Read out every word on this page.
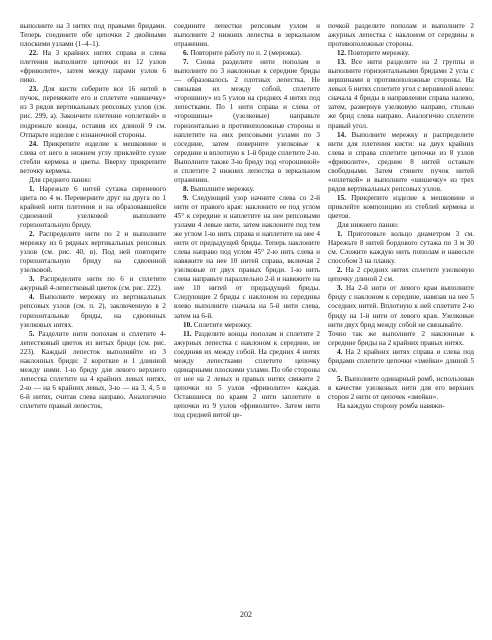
выполните на 3 нитях под правыми бридами. Теперь соедините обе цепочки 2 двойными плоскими узлами (1–4–1).

22. На 3 крайних нитях справа и слева плетения выполните цепочки из 12 узлов «фриволите», затем между парами узлов 6 пико.

23. Для кисти соберите все 16 нитей в пучок, перевяжите его и сплетите «шишечку» из 3 рядов вертикальных репсовых узлов (см. рис. 299, а). Закончите плетение «оплеткой» и подрежьте концы, оставив их длиной 9 см. Отпарьте изделие с изнаночной стороны.

24. Прикрепите изделие к мешковине и слева от него в нижнем углу приклейте сухие стебли кермека и цветы. Вверху прикрепите веточку кермека.

Для среднего панно:

1. Нарежьте 6 нитей сутажа сиреневого цвета по 4 м. Переверните друг на друга по 1 крайней нити плетения и на образовавшейся сдвоенной узелковой выполните горизонтальную бриду.

2. Распределите нити по 2 и выполните мережку из 6 рядных вертикальных репсовых узлов (см. рис. 40, в). Под ней повторите горизонтальную бриду на сдвоенной узелковой.

3. Распределите нити по 6 и сплетите ажурный 4-лепестковый цветок (см. рис. 222).

4. Выполните мережку из вертикальных репсовых узлов (см. п. 2), заключенную в 2 горизонтальные бриды, на сдвоенных узелковых нитях.

5. Разделите нити пополам и сплетите 4-лепестковый цветок из витых бриди (см. рис. 223). Каждый лепесток выполняйте из 3 наклонных бриди: 2 короткие и 1 длинной между ними. 1-ю бриду для левого верхнего лепестка сплетите на 4 крайних левых нитях, 2-ю — на 6 крайних левых, 3-ю — на 3, 4, 5 и 6-й нитях, считая слева направо. Аналогично сплетите правый лепесток,

соедините лепестки репсовым узлом и выполните 2 нижних лепестка в зеркальном отражении.

6. Повторите работу по п. 2 (мережка).

7. Снова разделите нити пополам и выполните по 3 наклонные к середине бриды — образовалось 2 плотных лепестка. Не связывая их между собой, сплетите «горошину» из 5 узлов на средних 4 нитях под лепестками. По 1 нити справа и слева от «горошины» (узелковые) направьте горизонтально в противоположные стороны и наплетите на них репсовыми узлами по 3 соседние, затем поверните узелковые к середине и вплотную к 1-й бриде сплетите 2-ю. Выполните также 3-ю бриду под «горошиной» и сплетите 2 нижних лепестка в зеркальном отражении.

8. Выполните мережку.

9. Следующий узор начните слева со 2-й нити от правого края: наклоните ее под углом 45° к середине и наплетите на нее репсовыми узлами 4 левые нити, затем наклоните под тем же углом 1-ю нить справа и наплетите на нее 4 нити от предыдущей бриды. Теперь наклоните слева направо под углом 45° 2-ю нить слева и навяжите на нее 10 нитей справа, включая 2 узелковые от двух правых бриди. 1-ю нить слева направьте параллельно 2-й и навяжите на нее 10 нитей от предыдущей бриды. Следующие 2 бриды с наклоном из середины влево выполните сначала на 5-й нити слева, затем на 6-й.

10. Сплетите мережку.

11. Разделите концы пополам и сплетите 2 ажурных лепестка с наклоном к середине, не соединяя их между собой. На средних 4 нитях между лепестками сплетите цепочку одинарными плоскими узлами. По обе стороны от нее на 2 левых и правых нитях свяжите 2 цепочки из 5 узлов «фриволите» каждая. Оставшиеся по краям 2 нити заплетите в цепочки из 9 узлов «фриволите». Затем нити под средней витой це-

почкой разделите пополам и выполните 2 ажурных лепестка с наклоном от середины в противоположные стороны.

12. Повторите мережку.

13. Все нити разделите на 2 группы и выполните горизонтальными бридами 2 угла с вершинами в противоположные стороны. На левых 6 нитях сплетите угол с вершиной влево: сначала 4 бриды в направлении справа налево, затем, развернув узелковую направо, столько же брид слева направо. Аналогично сплетите правый угол.

14. Выполните мережку и распределите нити для плетения кисти: на двух крайних слева и справа сплетите цепочки из 8 узлов «фриволите», средние 8 нитей оставьте свободными. Затем стяните пучок нитей «оплеткой» и выполните «шишечку» из трех рядов вертикальных репсовых узлов.

15. Прикрепите изделие к мешковине и приклейте композицию из стеблей кермека и цветов.

Для нижнего панно:

1. Приготовьте кольцо диаметром 3 см. Нарежьте 8 нитей бордового сутажа по 3 м 30 см. Сложите каждую нить пополам и навесьте способом 3 на планку.

2. На 2 средних нитях сплетите узелковую цепочку длиной 2 см.

3. На 2-й нити от левого края выполните бриду с наклоном к середине, навязав на нее 5 соседних нитей. Вплотную к ней сплетите 2-ю бриду на 1-й нити от левого края. Узелковые нити двух брид между собой не связывайте.

Точно так же выполните 2 наклонные к середине бриды на 2 крайних правых нитях.

4. На 2 крайних нитях справа и слева под бридами сплетите цепочки «змейки» длиной 5 см.

5. Выполните одинарный ромб, использовав в качестве узелковых нити для его верхних сторон 2 нити от цепочек «змейки».

На каждую сторону ромба навяжи-

202
